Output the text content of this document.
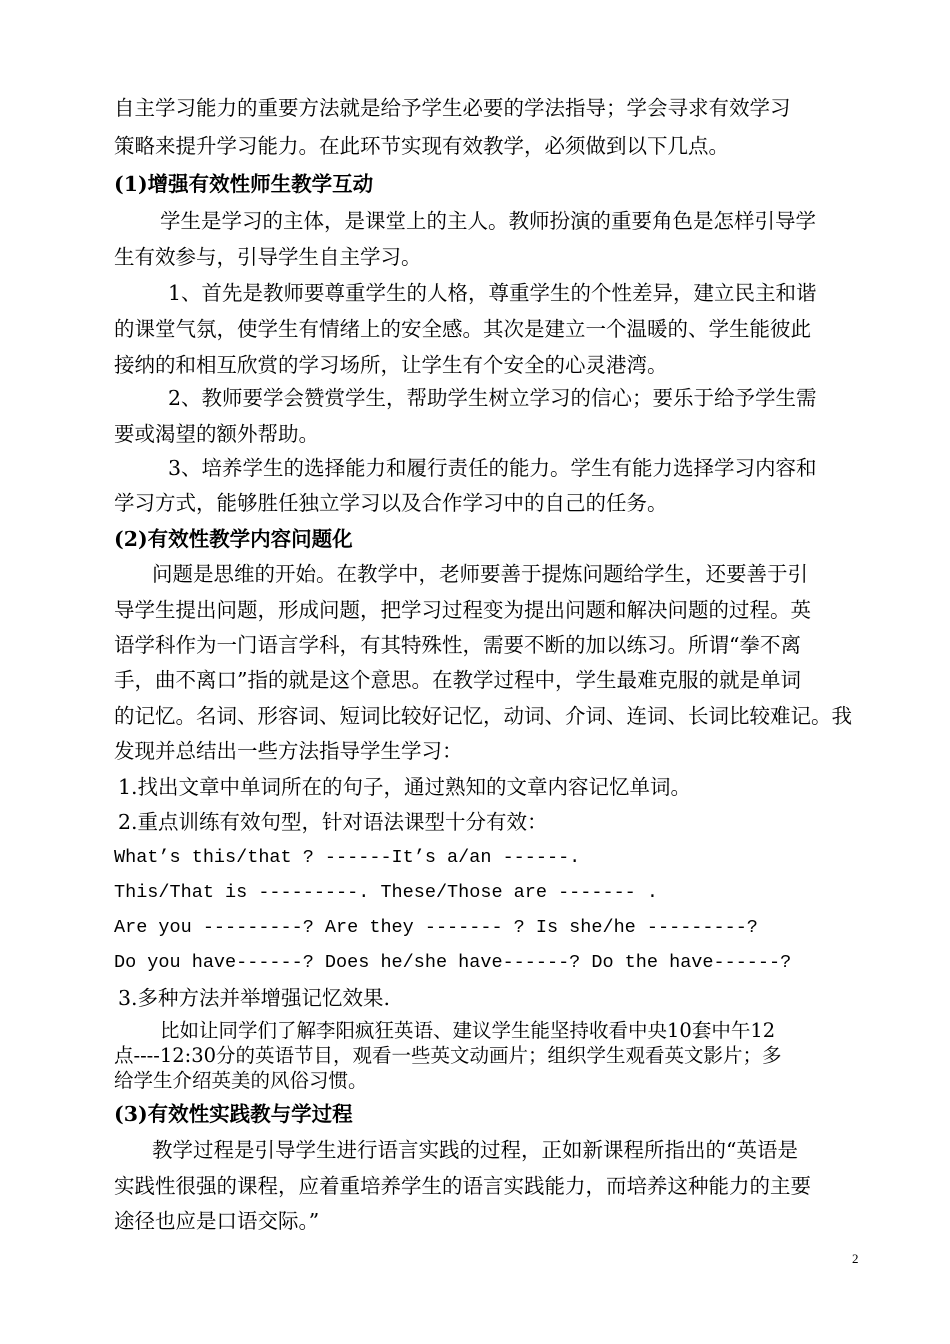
自主学习能力的重要方法就是给予学生必要的学法指导；学会寻求有效学习
策略来提升学习能力。在此环节实现有效教学，必须做到以下几点。
(1)增强有效性师生教学互动
学生是学习的主体，是课堂上的主人。教师扮演的重要角色是怎样引导学
生有效参与，引导学生自主学习。
1、首先是教师要尊重学生的人格，尊重学生的个性差异，建立民主和谐
的课堂气氛，使学生有情绪上的安全感。其次是建立一个温暖的、学生能彼此
接纳的和相互欣赏的学习场所，让学生有个安全的心灵港湾。
2、教师要学会赞赏学生，帮助学生树立学习的信心；要乐于给予学生需
要或渴望的额外帮助。
3、培养学生的选择能力和履行责任的能力。学生有能力选择学习内容和
学习方式，能够胜任独立学习以及合作学习中的自己的任务。
(2)有效性教学内容问题化
问题是思维的开始。在教学中，老师要善于提炼问题给学生，还要善于引
导学生提出问题，形成问题，把学习过程变为提出问题和解决问题的过程。英
语学科作为一门语言学科，有其特殊性，需要不断的加以练习。所谓“拳不离
手，曲不离口”指的就是这个意思。在教学过程中，学生最难克服的就是单词
的记忆。名词、形容词、短词比较好记忆，动词、介词、连词、长词比较难记。我
发现并总结出一些方法指导学生学习：
1.找出文章中单词所在的句子，通过熟知的文章内容记忆单词。
2.重点训练有效句型，针对语法课型十分有效：
What’s this/that ? ------It’s a/an ------.
This/That is ---------. These/Those are ------- .
Are you ---------? Are they ------- ? Is she/he ---------?
Do you have------? Does he/she have------? Do the have------?
3.多种方法并举增强记忆效果.
比如让同学们了解李阳疯狂英语、建议学生能坚持收看中央10套中午12
点----12:30分的英语节目，观看一些英文动画片；组织学生观看英文影片；多
给学生介绍英美的风俗习惯。
(3)有效性实践教与学过程
教学过程是引导学生进行语言实践的过程，正如新课程所指出的“英语是
实践性很强的课程，应着重培养学生的语言实践能力，而培养这种能力的主要
途径也应是口语交际。”
2
